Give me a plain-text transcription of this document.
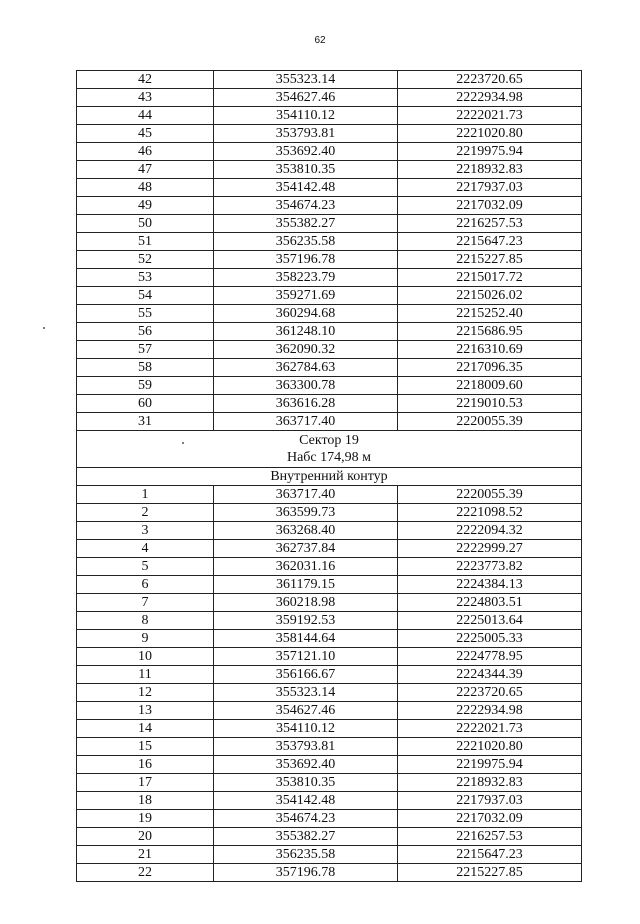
62
42	355323.14	2223720.65
43	354627.46	2222934.98
44	354110.12	2222021.73
45	353793.81	2221020.80
46	353692.40	2219975.94
47	353810.35	2218932.83
48	354142.48	2217937.03
49	354674.23	2217032.09
50	355382.27	2216257.53
51	356235.58	2215647.23
52	357196.78	2215227.85
53	358223.79	2215017.72
54	359271.69	2215026.02
55	360294.68	2215252.40
56	361248.10	2215686.95
57	362090.32	2216310.69
58	362784.63	2217096.35
59	363300.78	2218009.60
60	363616.28	2219010.53
31	363717.40	2220055.39

Сектор 19
Набс 174,98 м		

Внутренний контур		
1	363717.40	2220055.39
2	363599.73	2221098.52
3	363268.40	2222094.32
4	362737.84	2222999.27
5	362031.16	2223773.82
6	361179.15	2224384.13
7	360218.98	2224803.51
8	359192.53	2225013.64
9	358144.64	2225005.33
10	357121.10	2224778.95
11	356166.67	2224344.39
12	355323.14	2223720.65
13	354627.46	2222934.98
14	354110.12	2222021.73
15	353793.81	2221020.80
16	353692.40	2219975.94
17	353810.35	2218932.83
18	354142.48	2217937.03
19	354674.23	2217032.09
20	355382.27	2216257.53
21	356235.58	2215647.23
22	357196.78	2215227.85
